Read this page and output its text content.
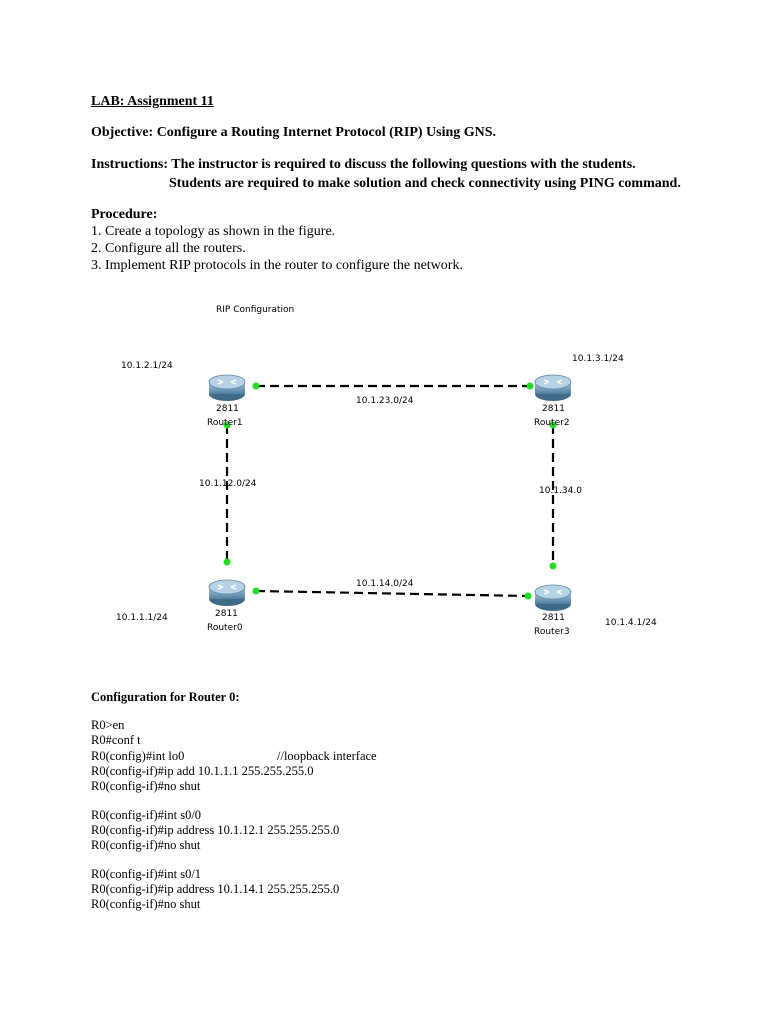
LAB: Assignment 11
Objective: Configure a Routing Internet Protocol (RIP) Using GNS.
Instructions: The instructor is required to discuss the following questions with the students.
Students are required to make solution and check connectivity using PING command.
Procedure:
1. Create a topology as shown in the figure.
2. Configure all the routers.
3. Implement RIP protocols in the router to configure the network.
RIP Configuration
10.1.23.0/24
10.1.12.0/24
10.1.34.0
10.1.14.0/24
2811
Router1
10.1.2.1/24
2811
Router2
10.1.3.1/24
2811
Router0
10.1.1.1/24	2811
Router3
10.1.4.1/24
Configuration for Router 0:
R0>en
R0#conf t
R0(config)#int lo0	//loopback interface
R0(config-if)#ip add 10.1.1.1 255.255.255.0
R0(config-if)#no shut
R0(config-if)#int s0/0
R0(config-if)#ip address 10.1.12.1 255.255.255.0
R0(config-if)#no shut
R0(config-if)#int s0/1
R0(config-if)#ip address 10.1.14.1 255.255.255.0
R0(config-if)#no shut
